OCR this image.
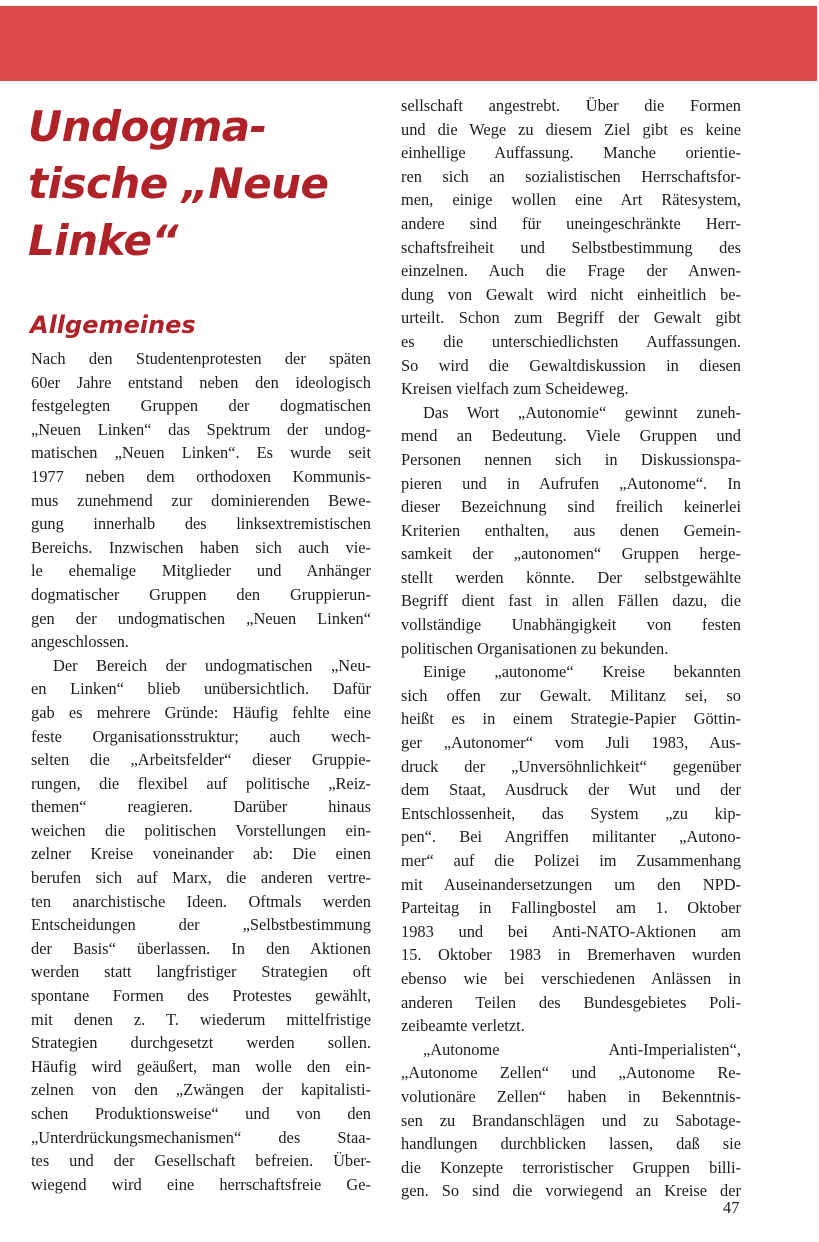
Undogma-
tische „Neue
Linke“
Allgemeines
Nach den Studentenprotesten der späten
60er Jahre entstand neben den ideologisch
festgelegten Gruppen der dogmatischen
„Neuen Linken“ das Spektrum der undog-
matischen „Neuen Linken“. Es wurde seit
1977 neben dem orthodoxen Kommunis-
mus zunehmend zur dominierenden Bewe-
gung innerhalb des linksextremistischen
Bereichs. Inzwischen haben sich auch vie-
le ehemalige Mitglieder und Anhänger
dogmatischer Gruppen den Gruppierun-
gen der undogmatischen „Neuen Linken“
angeschlossen.
Der Bereich der undogmatischen „Neu-
en Linken“ blieb unübersichtlich. Dafür
gab es mehrere Gründe: Häufig fehlte eine
feste Organisationsstruktur; auch wech-
selten die „Arbeitsfelder“ dieser Gruppie-
rungen, die flexibel auf politische „Reiz-
themen“ reagieren. Darüber hinaus
weichen die politischen Vorstellungen ein-
zelner Kreise voneinander ab: Die einen
berufen sich auf Marx, die anderen vertre-
ten anarchistische Ideen. Oftmals werden
Entscheidungen der „Selbstbestimmung
der Basis“ überlassen. In den Aktionen
werden statt langfristiger Strategien oft
spontane Formen des Protestes gewählt,
mit denen z. T. wiederum mittelfristige
Strategien durchgesetzt werden sollen.
Häufig wird geäußert, man wolle den ein-
zelnen von den „Zwängen der kapitalisti-
schen Produktionsweise“ und von den
„Unterdrückungsmechanismen“ des Staa-
tes und der Gesellschaft befreien. Über-
wiegend wird eine herrschaftsfreie Ge-
sellschaft angestrebt. Über die Formen
und die Wege zu diesem Ziel gibt es keine
einhellige Auffassung. Manche orientie-
ren sich an sozialistischen Herrschaftsfor-
men, einige wollen eine Art Rätesystem,
andere sind für uneingeschränkte Herr-
schaftsfreiheit und Selbstbestimmung des
einzelnen. Auch die Frage der Anwen-
dung von Gewalt wird nicht einheitlich be-
urteilt. Schon zum Begriff der Gewalt gibt
es die unterschiedlichsten Auffassungen.
So wird die Gewaltdiskussion in diesen
Kreisen vielfach zum Scheideweg.
Das Wort „Autonomie“ gewinnt zuneh-
mend an Bedeutung. Viele Gruppen und
Personen nennen sich in Diskussionspa-
pieren und in Aufrufen „Autonome“. In
dieser Bezeichnung sind freilich keinerlei
Kriterien enthalten, aus denen Gemein-
samkeit der „autonomen“ Gruppen herge-
stellt werden könnte. Der selbstgewählte
Begriff dient fast in allen Fällen dazu, die
vollständige Unabhängigkeit von festen
politischen Organisationen zu bekunden.
Einige „autonome“ Kreise bekannten
sich offen zur Gewalt. Militanz sei, so
heißt es in einem Strategie-Papier Göttin-
ger „Autonomer“ vom Juli 1983, Aus-
druck der „Unversöhnlichkeit“ gegenüber
dem Staat, Ausdruck der Wut und der
Entschlossenheit, das System „zu kip-
pen“. Bei Angriffen militanter „Autono-
mer“ auf die Polizei im Zusammenhang
mit Auseinandersetzungen um den NPD-
Parteitag in Fallingbostel am 1. Oktober
1983 und bei Anti-NATO-Aktionen am
15. Oktober 1983 in Bremerhaven wurden
ebenso wie bei verschiedenen Anlässen in
anderen Teilen des Bundesgebietes Poli-
zeibeamte verletzt.
„Autonome Anti-Imperialisten“,
„Autonome Zellen“ und „Autonome Re-
volutionäre Zellen“ haben in Bekenntnis-
sen zu Brandanschlägen und zu Sabotage-
handlungen durchblicken lassen, daß sie
die Konzepte terroristischer Gruppen billi-
gen. So sind die vorwiegend an Kreise der
47
